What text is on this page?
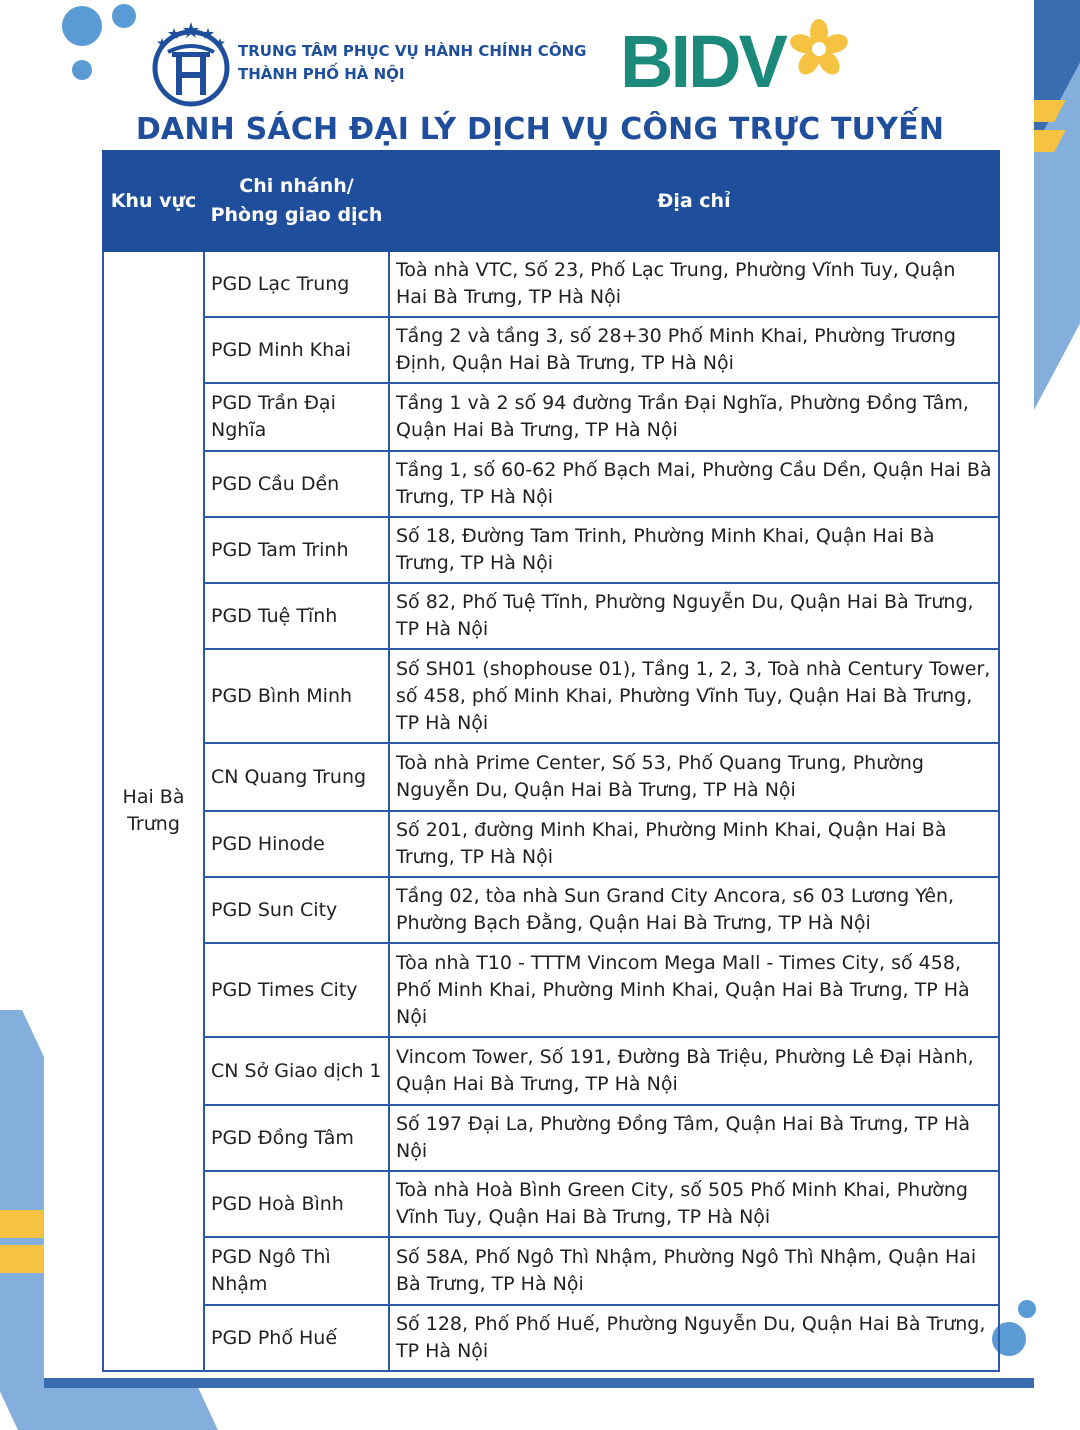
TRUNG TÂM PHỤC VỤ HÀNH CHÍNH CÔNG
THÀNH PHỐ HÀ NỘI	BIDV
DANH SÁCH ĐẠI LÝ DỊCH VỤ CÔNG TRỰC TUYẾN
Khu vực	Chi nhánh/ Phòng giao dịch	Địa chỉ
Hai Bà Trưng	PGD Lạc Trung	Toà nhà VTC, Số 23, Phố Lạc Trung, Phường Vĩnh Tuy, Quận Hai Bà Trưng, TP Hà Nội
	PGD Minh Khai	Tầng 2 và tầng 3, số 28+30 Phố Minh Khai, Phường Trương Định, Quận Hai Bà Trưng, TP Hà Nội
	PGD Trần Đại Nghĩa	Tầng 1 và 2 số 94 đường Trần Đại Nghĩa, Phường Đồng Tâm, Quận Hai Bà Trưng, TP Hà Nội
	PGD Cầu Dền	Tầng 1, số 60-62 Phố Bạch Mai, Phường Cầu Dền, Quận Hai Bà Trưng, TP Hà Nội
	PGD Tam Trinh	Số 18, Đường Tam Trinh, Phường Minh Khai, Quận Hai Bà Trưng, TP Hà Nội
	PGD Tuệ Tĩnh	Số 82, Phố Tuệ Tĩnh, Phường Nguyễn Du, Quận Hai Bà Trưng, TP Hà Nội
	PGD Bình Minh	Số SH01 (shophouse 01), Tầng 1, 2, 3, Toà nhà Century Tower, số 458, phố Minh Khai, Phường Vĩnh Tuy, Quận Hai Bà Trưng, TP Hà Nội
	CN Quang Trung	Toà nhà Prime Center, Số 53, Phố Quang Trung, Phường Nguyễn Du, Quận Hai Bà Trưng, TP Hà Nội
	PGD Hinode	Số 201, đường Minh Khai, Phường Minh Khai, Quận Hai Bà Trưng, TP Hà Nội
	PGD Sun City	Tầng 02, tòa nhà Sun Grand City Ancora, s6 03 Lương Yên, Phường Bạch Đằng, Quận Hai Bà Trưng, TP Hà Nội
	PGD Times City	Tòa nhà T10 - TTTM Vincom Mega Mall - Times City, số 458, Phố Minh Khai, Phường Minh Khai, Quận Hai Bà Trưng, TP Hà Nội
	CN Sở Giao dịch 1	Vincom Tower, Số 191, Đường Bà Triệu, Phường Lê Đại Hành, Quận Hai Bà Trưng, TP Hà Nội
	PGD Đồng Tâm	Số 197 Đại La, Phường Đồng Tâm, Quận Hai Bà Trưng, TP Hà Nội
	PGD Hoà Bình	Toà nhà Hoà Bình Green City, số 505 Phố Minh Khai, Phường Vĩnh Tuy, Quận Hai Bà Trưng, TP Hà Nội
	PGD Ngô Thì Nhậm	Số 58A, Phố Ngô Thì Nhậm, Phường Ngô Thì Nhậm, Quận Hai Bà Trưng, TP Hà Nội
	PGD Phố Huế	Số 128, Phố Phố Huế, Phường Nguyễn Du, Quận Hai Bà Trưng, TP Hà Nội
